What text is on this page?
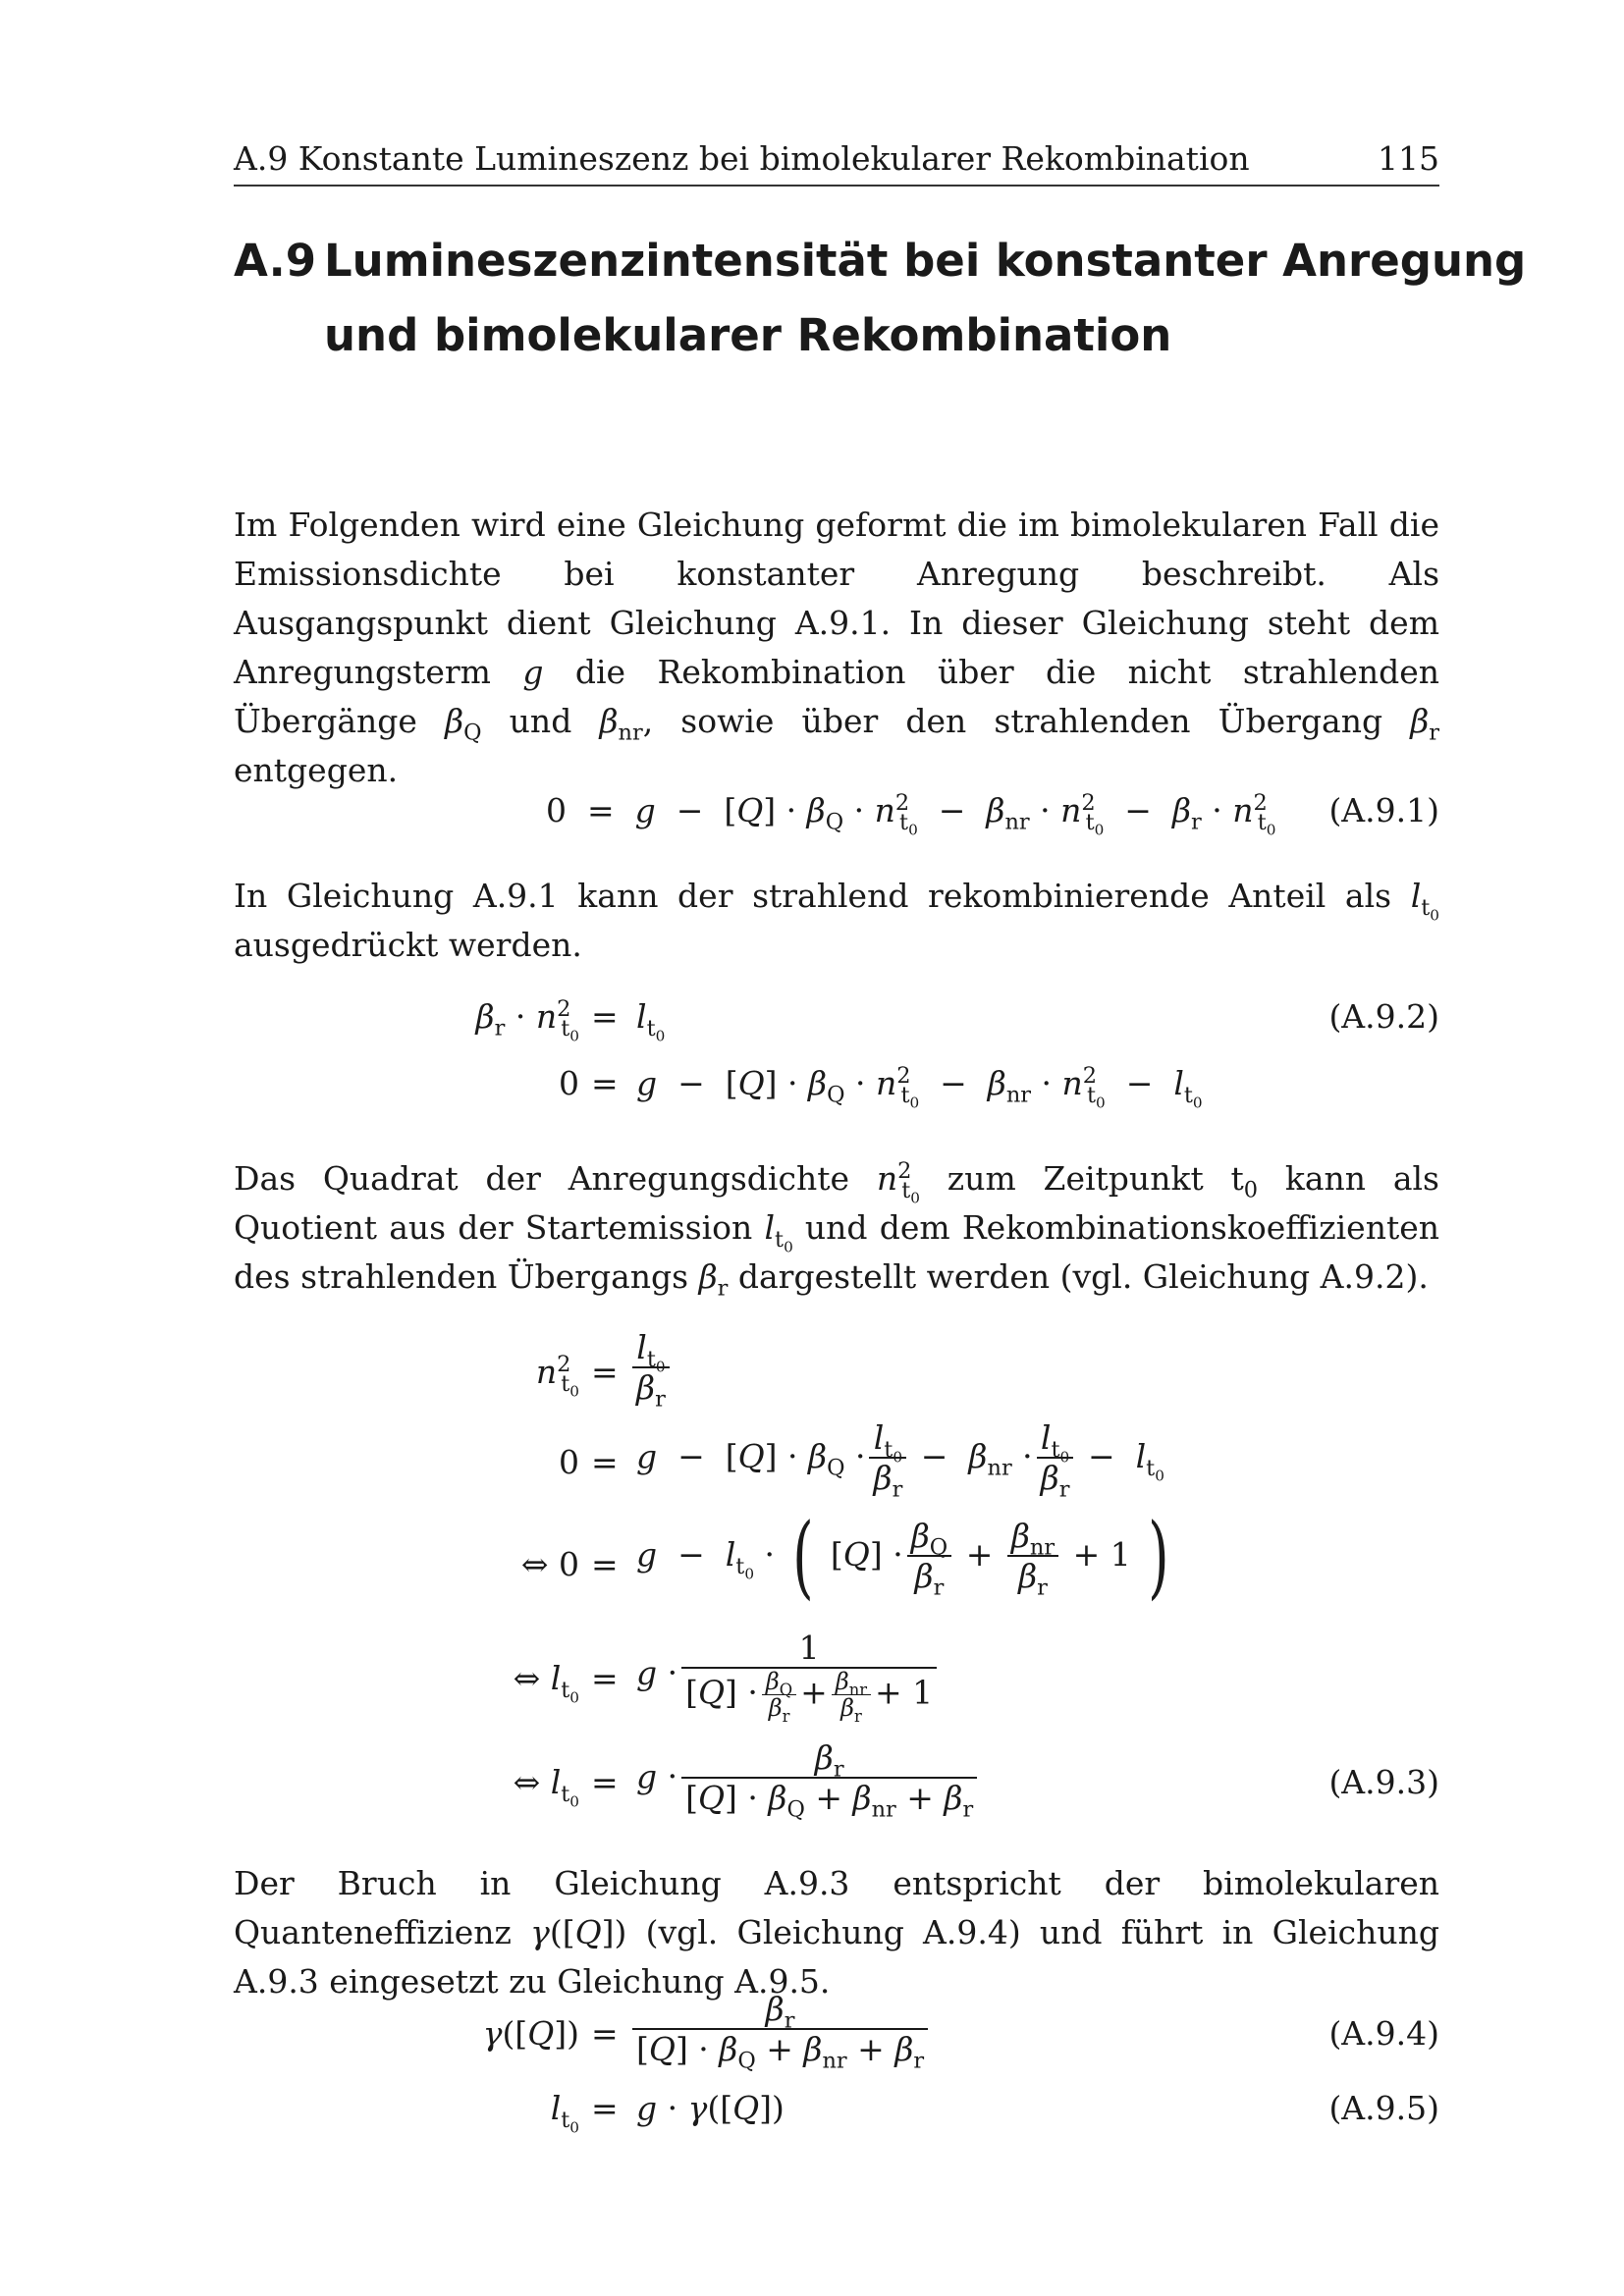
A.9 Konstante Lumineszenz bei bimolekularer Rekombination	115
A.9 Lumineszenzintensität bei konstanter Anregung
und bimolekularer Rekombination

Im Folgenden wird eine Gleichung geformt die im bimolekularen Fall die Emissionsdichte bei konstanter Anregung beschreibt. Als Ausgangspunkt dient Gleichung A.9.1. In dieser Gleichung steht dem Anregungsterm g die Rekombination über die nicht strahlenden Übergänge $\beta_Q$ und $\beta_{nr}$, sowie über den strahlenden Übergang $\beta_r$ entgegen.

$0 = g - [Q] \cdot \beta_Q \cdot n^2_{t_0} - \beta_{nr} \cdot n^2_{t_0} - \beta_r \cdot n^2_{t_0}$
(A.9.1)

In Gleichung A.9.1 kann der strahlend rekombinierende Anteil als $l_{t_0}$ ausgedrückt werden.

$\beta_r \cdot n^2_{t_0}$
= $l_{t_0}$
(A.9.2)
$0 = g - [Q] \cdot \beta_Q \cdot n^2_{t_0} - \beta_{nr} \cdot n^2_{t_0} - l_{t_0}$

Das Quadrat der Anregungsdichte $n^2_{t_0}$ zum Zeitpunkt $t_0$ kann als Quotient aus der Startemission $l_{t_0}$ und dem Rekombinationskoeffizienten des strahlenden Übergangs $\beta_r$ dargestellt werden (vgl. Gleichung A.9.2).

$n^2_{t_0}$
= $\frac{l_{t_0}}{\beta_r}$
$0 = g - [Q] \cdot \beta_Q \cdot \frac{l_{t_0}}{\beta_r} - \beta_{nr} \cdot \frac{l_{t_0}}{\beta_r} - l_{t_0}$
⇔ $0 = g - l_{t_0}$ · ( $[Q] \cdot \frac{\beta_Q}{\beta_r} + \frac{\beta_{nr}}{\beta_r} + 1$ )
⇔ $l_{t_0}$
= $g \cdot \frac{1}{[Q] \cdot \frac{\beta_Q}{\beta_r} + \frac{\beta_{nr}}{\beta_r} + 1}$
⇔ $l_{t_0}$
= $g \cdot \frac{\beta_r}{[Q] \cdot \beta_Q + \beta_{nr} + \beta_r}$	(A.9.3)

Der Bruch in Gleichung A.9.3 entspricht der bimolekularen Quanteneffizienz γ([Q]) (vgl. Gleichung A.9.4) und führt in Gleichung A.9.3 eingesetzt zu Gleichung A.9.5.

$\gamma([Q]) = \frac{\beta_r}{[Q] \cdot \beta_Q + \beta_{nr} + \beta_r}$	(A.9.4)
$l_{t_0}$
= g · γ([Q])	(A.9.5)
